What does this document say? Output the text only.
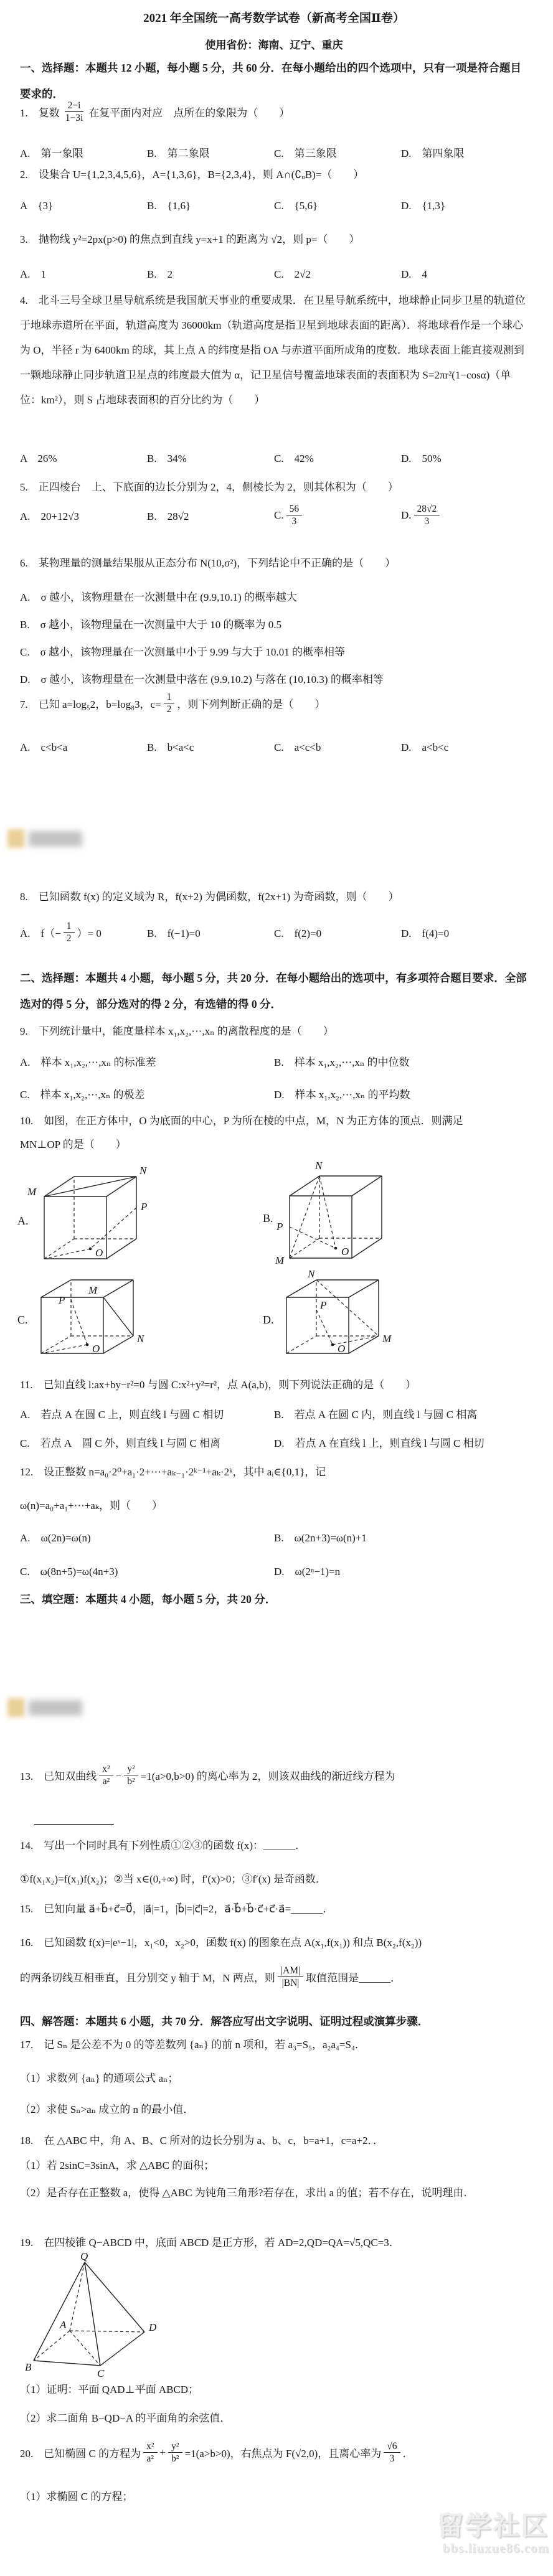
2021 年全国统一高考数学试卷（新高考全国Ⅱ卷）
使用省份：海南、辽宁、重庆
一、选择题：本题共 12 小题，每小题 5 分，共 60 分．在每小题给出的四个选项中，只有一项是符合题目要求的．
1.　复数 $\frac{2-i}{1-3i}$ 在复平面内对应　点所在的象限为（　　）
A.　第一象限	B.　第二象限	C.　第三象限	D.　第四象限
2.　设集合 U={1,2,3,4,5,6}，A={1,3,6}，B={2,3,4}，则 A∩(∁ᵤB)=（　　）
A　{3}	B.　{1,6}	C.　{5,6}	D.　{1,3}
3.　抛物线 y²=2px(p>0) 的焦点到直线 y=x+1 的距离为 √2，则 p=（　　）
A.　1	B.　2	C.　2√2	D.　4
4.　北斗三号全球卫星导航系统是我国航天事业的重要成果．在卫星导航系统中，地球静止同步卫星的轨道位于地球赤道所在平面，轨道高度为 36000km（轨道高度是指卫星到地球表面的距离）．将地球看作是一个球心为 O，半径 r 为 6400km 的球，其上点 A 的纬度是指 OA 与赤道平面所成角的度数．地球表面上能直接观测到一颗地球静止同步轨道卫星点的纬度最大值为 α，记卫星信号覆盖地球表面的表面积为 S=2πr²(1−cosα)（单位：km²），则 S 占地球表面积的百分比约为（　　）
A　26%	B.　34%	C.　42%	D.　50%
5.　正四棱台　上、下底面的边长分别为 2，4，侧棱长为 2，则其体积为（　　）
A.　20+12√3	B.　28√2	C. $\frac{56}{3}$	D. $\frac{28√2}{3}$
6.　某物理量的测量结果服从正态分布 N(10,σ²)，下列结论中不正确的是（　　）
A.　σ 越小，该物理量在一次测量中在 (9.9,10.1) 的概率越大
B.　σ 越小，该物理量在一次测量中大于 10 的概率为 0.5
C.　σ 越小，该物理量在一次测量中小于 9.99 与大于 10.01 的概率相等
D.　σ 越小，该物理量在一次测量中落在 (9.9,10.2) 与落在 (10,10.3) 的概率相等
7.　已知 a=log₅2，b=log₈3，$c= \frac{1}{2}$ ，则下列判断正确的是（　　）
A.　c<b<a	B.　b<a<c	C.　a<c<b	D.　a<b<c
8.　已知函数 f(x) 的定义域为 R，f(x+2) 为偶函数，f(2x+1) 为奇函数，则（　　）
A.　$f(- \frac{1}{2}$ ）= 0	B.　f(−1)=0	C.　f(2)=0	D.　f(4)=0
二、选择题：本题共 4 小题，每小题 5 分，共 20 分．在每小题给出的选项中，有多项符合题目要求．全部选对的得 5 分，部分选对的得 2 分，有选错的得 0 分．
9.　下列统计量中，能度量样本 x₁,x₂,⋯,xₙ 的离散程度的是（　　）
A.　样本 x₁,x₂,⋯,xₙ 的标准差	B.　样本 x₁,x₂,⋯,xₙ 的中位数
C.　样本 x₁,x₂,⋯,xₙ 的极差	D.　样本 x₁,x₂,⋯,xₙ 的平均数
10.　如图，在正方体中，O 为底面的中心，P 为所在棱的中点，M，N 为正方体的顶点．则满足
MN⊥OP 的是（　　）
A.
M
N
P
O
B.
N
P
M
O
C.
M
N
P
O
D.
N
P
M
O
11.　已知直线 l:ax+by−r²=0 与圆 C:x²+y²=r²，点 A(a,b)，则下列说法正确的是（　　）
A.　若点 A 在圆 C 上，则直线 l 与圆 C 相切	B.　若点 A 在圆 C 内，则直线 l 与圆 C 相离
C.　若点 A　圆 C 外，则直线 l 与圆 C 相离	D.　若点 A 在直线 l 上，则直线 l 与圆 C 相切
12.　设正整数 n=a₀·2⁰+a₁·2+⋯+aₖ₋₁·2ᵏ⁻¹+aₖ·2ᵏ，其中 aᵢ∈{0,1}，记
ω(n)=a₀+a₁+⋯+aₖ，则（　　）
A.　ω(2n)=ω(n)	B.　ω(2n+3)=ω(n)+1
C.　ω(8n+5)=ω(4n+3)	D.　ω(2ⁿ−1)=n
三、填空题：本题共 4 小题，每小题 5 分，共 20 分．
13.　已知双曲线 $\frac{\text{x²}}{\text{a²}} - \frac{\text{y²}}{\text{b²}} =1(a>0,b>0)$ 的离心率为 2，则该双曲线的渐近线方程为
14.　写出一个同时具有下列性质①②③的函数 f(x)：______．
①f(x₁x₂)=f(x₁)f(x₂)；②当 x∈(0,+∞) 时，f′(x)>0；③f′(x) 是奇函数．
15.　已知向量 a⃗+b⃗+c⃗=0⃗，|a⃗|=1，|b⃗|=|c⃗|=2，a⃗·b⃗+b⃗·c⃗+c⃗·a⃗=______．
16.　已知函数 f(x)=|eˣ−1|，x₁<0，x₂>0，函数 f(x) 的图象在点 A(x₁,f(x₁)) 和点 B(x₂,f(x₂))
的两条切线互相垂直，且分别交 y 轴于 M，N 两点，则 $\frac{|AM|}{|BN|}$ 取值范围是______．
四、解答题：本题共 6 小题，共 70 分．解答应写出文字说明、证明过程或演算步骤．
17.　记 Sₙ 是公差不为 0 的等差数列 {aₙ} 的前 n 项和，若 a₃=S₅，a₂a₄=S₄．
（1）求数列 {aₙ} 的通项公式 aₙ；
（2）求使 Sₙ>aₙ 成立的 n 的最小值．
18.　在 △ABC 中，角 A、B、C 所对的边长分别为 a、b、c，b=a+1，c=a+2．．
（1）若 2sinC=3sinA，求 △ABC 的面积；
（2）是否存在正整数 a，使得 △ABC 为钝角三角形?若存在，求出 a 的值；若不存在，说明理由．
19.　在四棱锥 Q−ABCD 中，底面 ABCD 是正方形，若 AD=2,QD=QA=√5,QC=3．
Q
A
B
C
D
（1）证明：平面 QAD⊥平面 ABCD；
（2）求二面角 B−QD−A 的平面角的余弦值．
20.　已知椭圆 C 的方程为 $\frac{\text{x²}}{\text{a²}} + \frac{\text{y²}}{\text{b²}} =1(a>b>0)$，右焦点为 F(√2,0)，且离心率为 $\frac{√6}{3}$ ．
（1）求椭圆 C 的方程；
留学社区
bbs.liuxue86.com
